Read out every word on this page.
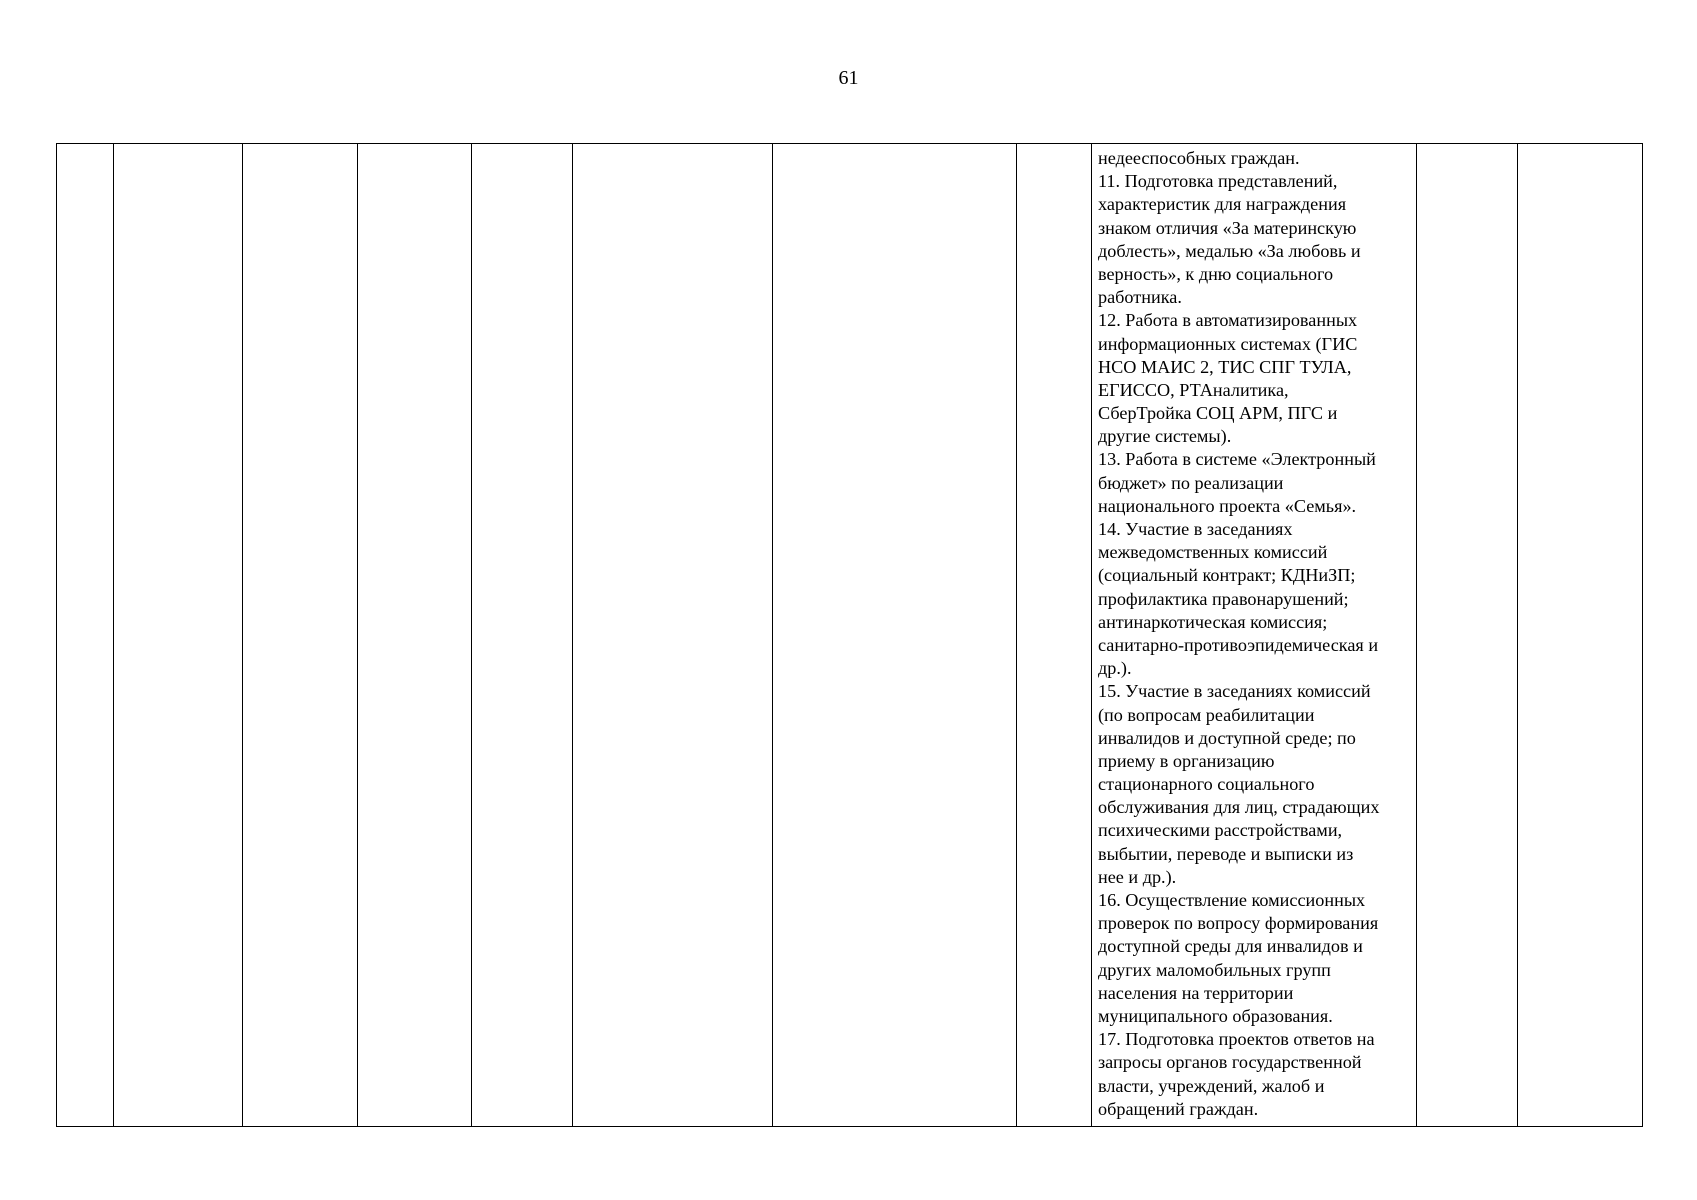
61

недееспособных граждан.
11. Подготовка представлений,
характеристик для награждения
знаком отличия «За материнскую
доблесть», медалью «За любовь и
верность», к дню социального
работника.
12. Работа в автоматизированных
информационных системах (ГИС
НСО МАИС 2, ТИС СПГ ТУЛА,
ЕГИССО, РТАналитика,
СберТройка СОЦ АРМ, ПГС и
другие системы).
13. Работа в системе «Электронный
бюджет» по реализации
национального проекта «Семья».
14. Участие в заседаниях
межведомственных комиссий
(социальный контракт; КДНиЗП;
профилактика правонарушений;
антинаркотическая комиссия;
санитарно-противоэпидемическая и
др.).
15. Участие в заседаниях комиссий
(по вопросам реабилитации
инвалидов и доступной среде; по
приему в организацию
стационарного социального
обслуживания для лиц, страдающих
психическими расстройствами,
выбытии, переводе и выписки из
нее и др.).
16. Осуществление комиссионных
проверок по вопросу формирования
доступной среды для инвалидов и
других маломобильных групп
населения на территории
муниципального образования.
17. Подготовка проектов ответов на
запросы органов государственной
власти, учреждений, жалоб и
обращений граждан.
